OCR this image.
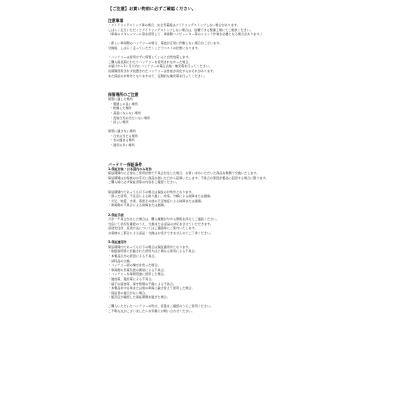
【ご注意】お買い物前に必ずご確認ください。
注意事項
・アイドリングストップ車の場合、完全充電後はアイドリングストップしない場合があります。
しばらく走行いただくとアイドリングストップしない場合は、信頼できる整備工場にてご相談ください。
（車両のスキャンツール等を使用して、車両側コンピューター等のリセット作業が必要になる場合があります。）
・新しい車両側のバッテリーの場合、電池が正常に作動しない場合がございます。
交換後、しばらく走っていただくことでベストの状態になります。
・バッテリーは使用せずに保管していると自然放電します。
ご購入後長期にわたりバッテリーを使用されなかった場合、
お届けから1ヶ月以内にバッテリーの電圧点検・補充電を行ってください。
長期間使用されず放置されたバッテリーは性能が劣化するおそれがあります。
また保証の対象外となりますので、定期的な補充電を行ってください。
保管場所のご注意
保管に適した場所
・風通しの良い場所
・乾燥した場所
・高温にならない場所
・直射日光の当たらない場所
・涼しい場所
保管に適さない場所
・日光の当たる場所
・水の溜まる場所
・湿気の多い場所
バッテリー保証条件
1.保証対象・日本国内のみ有効
保証期間内に正常なご使用状態で不具合が生じた場合、お買い求めいただいた商品を無償で交換いたします。
保証期間はお客様のお手元に商品が届いた日から起算いたします。不具合の原因が製品に起因する場合に限ります。
ご購入時に必ず保証書等の内容をご確認ください。
保証期間内であっても以下の場合は保証の対象外となります。
・誤った使用、不注意による取り扱い、改造、分解による故障または損傷。
・火災、地震、水害、落雷その他の天災地変による故障または損傷。
・車両側の不具合による故障または損傷。
2.保証手続
万が一不具合が生じた場合は、購入履歴が分かる情報を添えてご連絡ください。
当店にて状況を確認のうえ、交換または返品の対応をさせていただきます。
返送先住所、返送方法についてはご連絡時にご案内いたします。
お客様のご都合による返品・交換はお受けできませんのでご了承ください。
3.保証適用外
保証期間内であっても以下の場合は保証適用外となります。
・取扱説明書に記載された使用方法と異なる使用による不具合。
・本製品以外の原因による不具合。
・消耗品の交換。
・バッテリー液の補水を怠った場合。
・車両側の充電系統の異常による不具合。
・バッテリーを業務用途に使用した場合。
・過放電、過充電による不具合。
・端子の腐食等、保守管理の不備による不具合。
・本製品を中古車または他の車両に載せ替えて使用した場合。
・保証書の提示がない場合。
・販売店が確認した保証期間を過ぎた場合。
ご購入いただいたバッテリーの形式、容量をご確認のうえご使用ください。
ご不明な点がございましたらお気軽にお問い合わせください。
